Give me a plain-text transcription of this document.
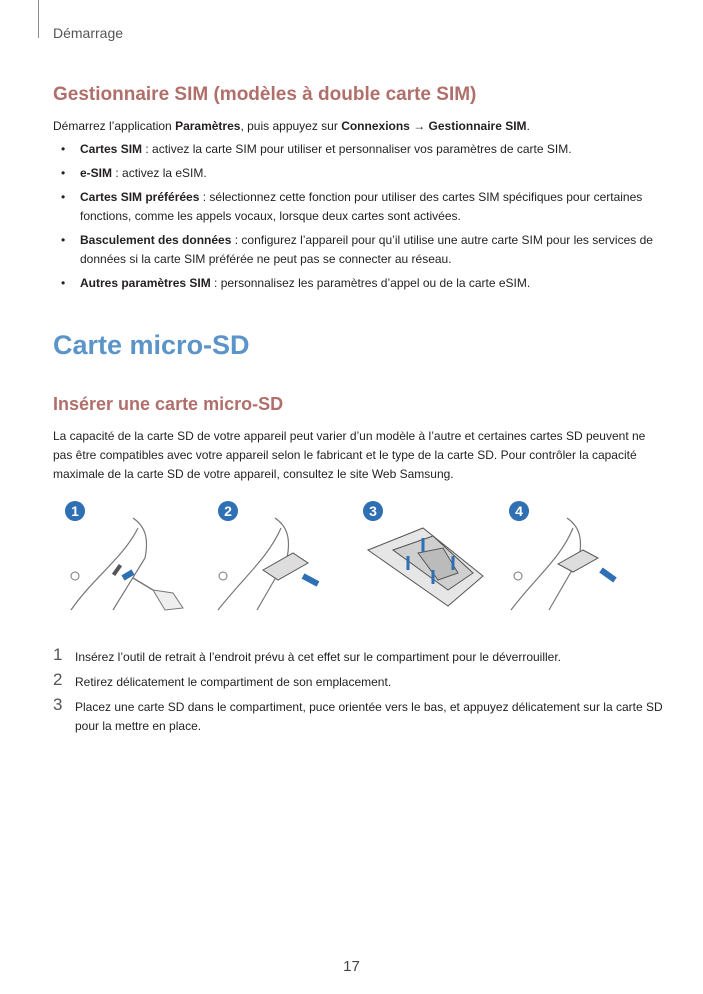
Démarrage
Gestionnaire SIM (modèles à double carte SIM)
Démarrez l’application Paramètres, puis appuyez sur Connexions → Gestionnaire SIM.
• Cartes SIM : activez la carte SIM pour utiliser et personnaliser vos paramètres de carte SIM.
• e-SIM : activez la eSIM.
• Cartes SIM préférées : sélectionnez cette fonction pour utiliser des cartes SIM spécifiques pour certaines fonctions, comme les appels vocaux, lorsque deux cartes sont activées.
• Basculement des données : configurez l’appareil pour qu’il utilise une autre carte SIM pour les services de données si la carte SIM préférée ne peut pas se connecter au réseau.
• Autres paramètres SIM : personnalisez les paramètres d’appel ou de la carte eSIM.
Carte micro-SD
Insérer une carte micro-SD
La capacité de la carte SD de votre appareil peut varier d’un modèle à l’autre et certaines cartes SD peuvent ne pas être compatibles avec votre appareil selon le fabricant et le type de la carte SD. Pour contrôler la capacité maximale de la carte SD de votre appareil, consultez le site Web Samsung.
1	2	3	4
1 Insérez l’outil de retrait à l’endroit prévu à cet effet sur le compartiment pour le déverrouiller.
2 Retirez délicatement le compartiment de son emplacement.
3 Placez une carte SD dans le compartiment, puce orientée vers le bas, et appuyez délicatement sur la carte SD pour la mettre en place.
17
